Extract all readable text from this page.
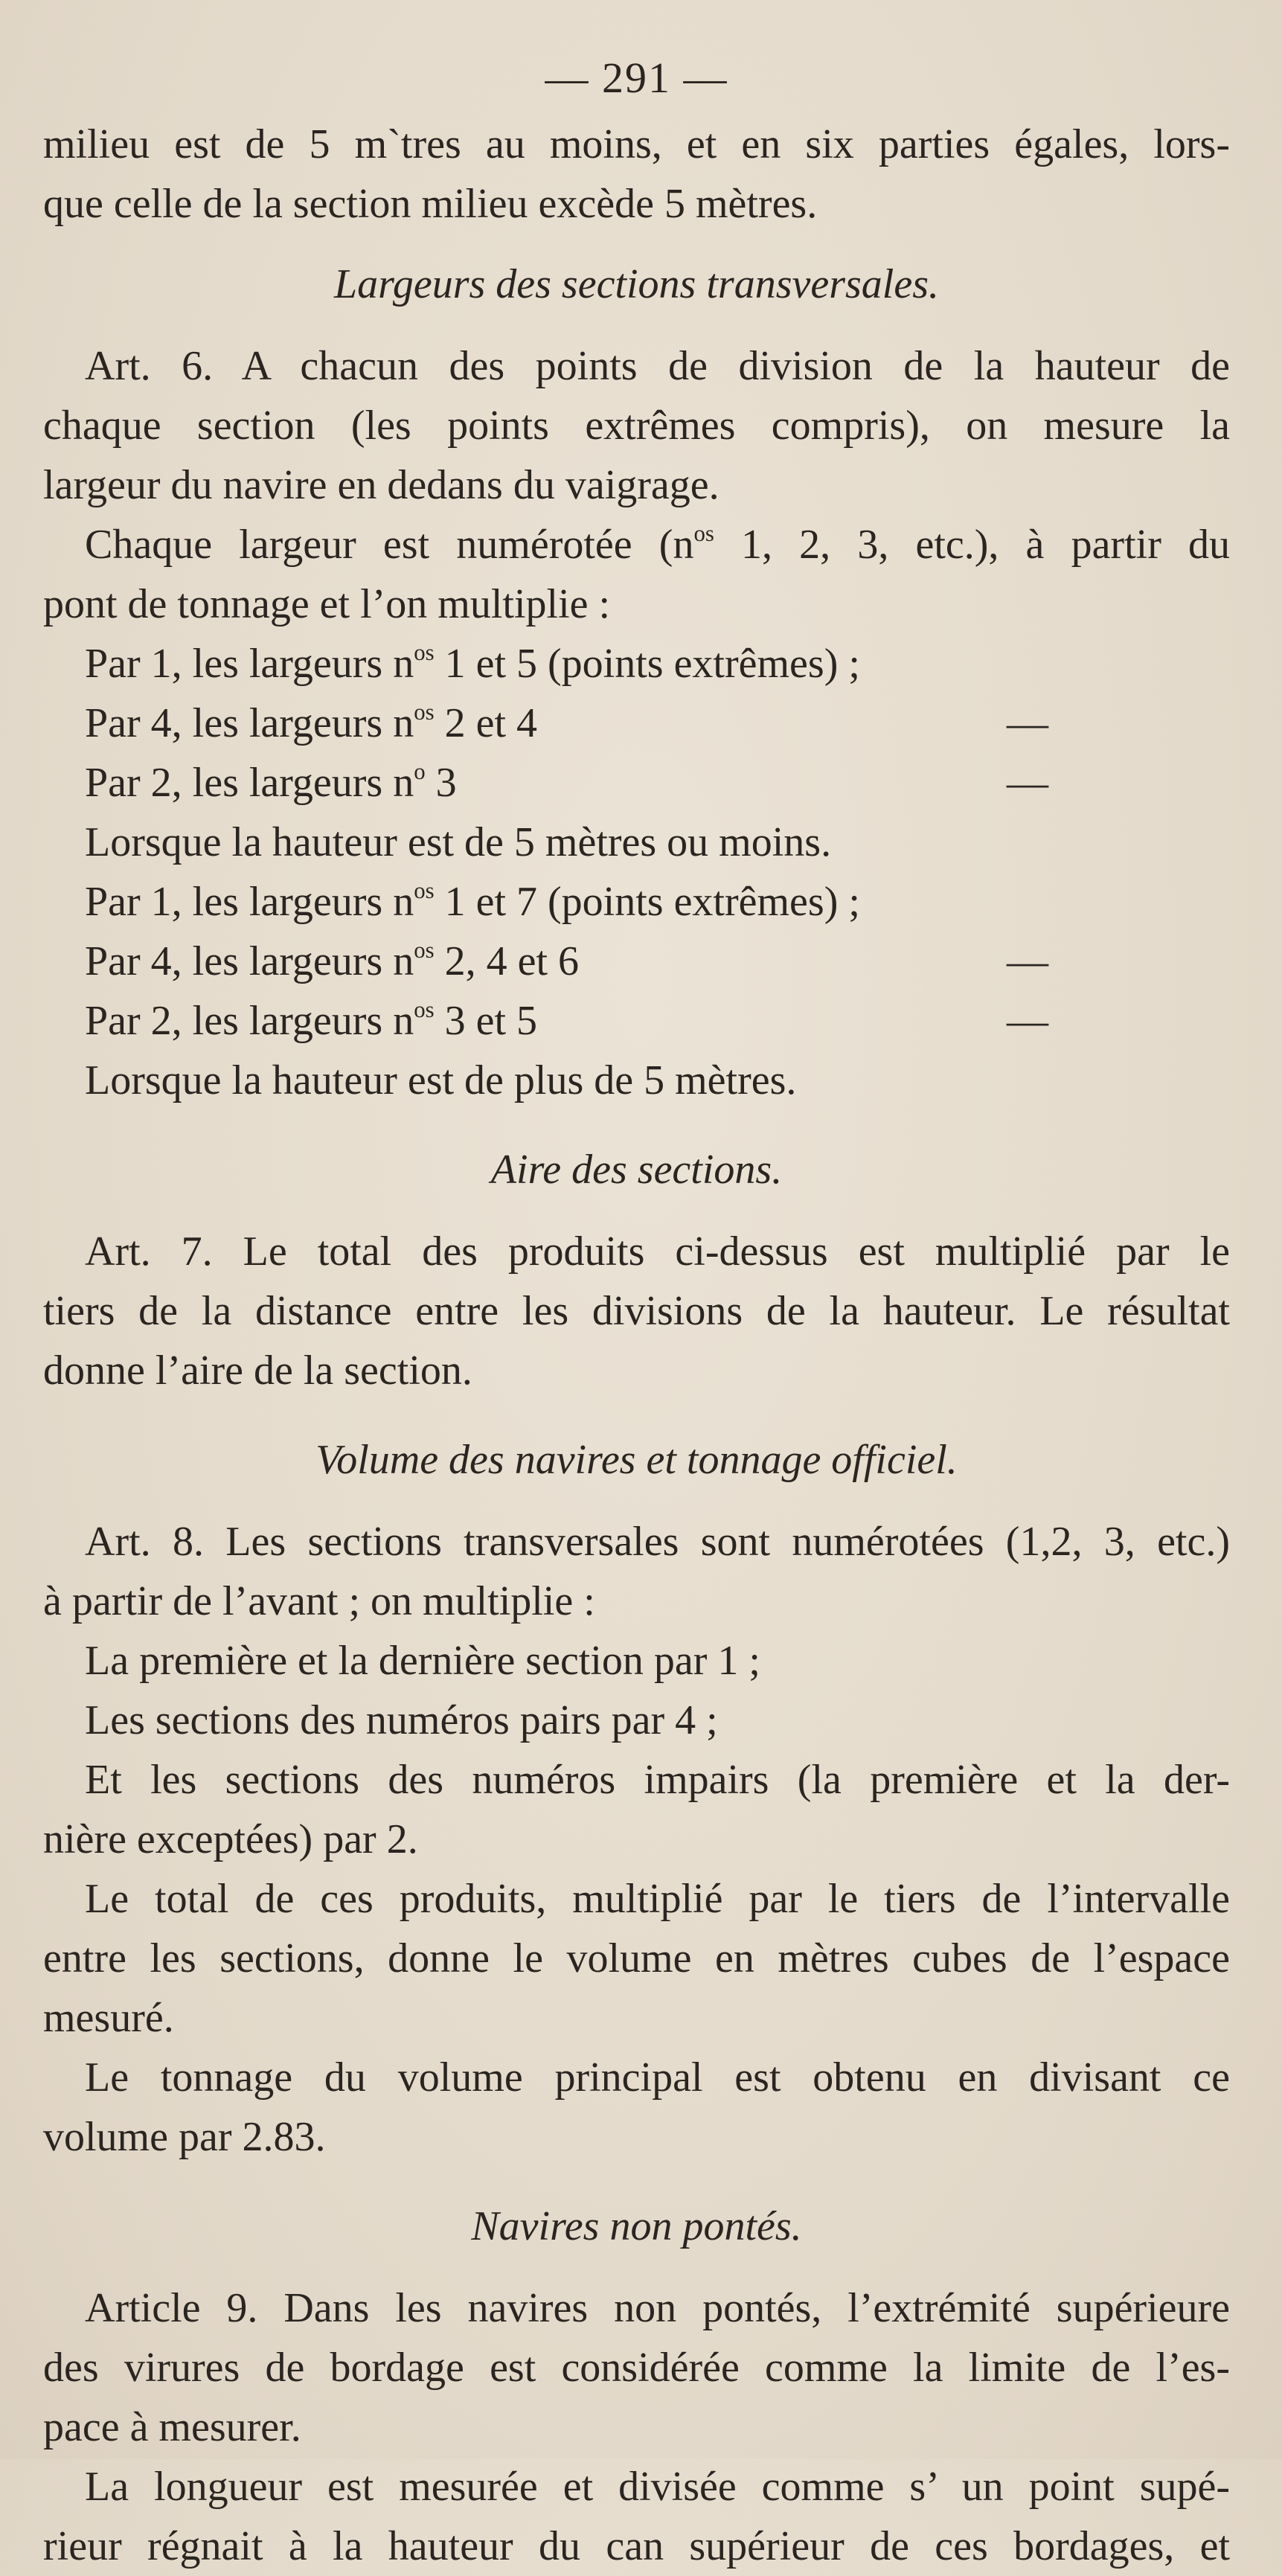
— 291 —
milieu est de 5 m`tres au moins, et en six parties égales, lors-
que celle de la section milieu excède 5 mètres.
Largeurs des sections transversales.
Art. 6. A chacun des points de division de la hauteur de
chaque section (les points extrêmes compris), on mesure la
largeur du navire en dedans du vaigrage.
Chaque largeur est numérotée ($n^{os}$ 1, 2, 3, etc.), à partir du
pont de tonnage et l’on multiplie :
Par 1, les largeurs $n^{os}$ 1 et 5 (points extrêmes) ;
Par 4, les largeurs $n^{os}$ 2 et 4	—
Par 2, les largeurs $n^o$ 3	—
Lorsque la hauteur est de 5 mètres ou moins.
Par 1, les largeurs $n^{os}$ 1 et 7 (points extrêmes) ;
Par 4, les largeurs $n^{os}$ 2, 4 et 6	—
Par 2, les largeurs $n^{os}$ 3 et 5	—
Lorsque la hauteur est de plus de 5 mètres.
Aire des sections.
Art. 7. Le total des produits ci-dessus est multiplié par le
tiers de la distance entre les divisions de la hauteur. Le résultat
donne l’aire de la section.
Volume des navires et tonnage officiel.
Art. 8. Les sections transversales sont numérotées (1,2, 3, etc.)
à partir de l’avant ; on multiplie :
La première et la dernière section par 1 ;
Les sections des numéros pairs par 4 ;
Et les sections des numéros impairs (la première et la der-
nière exceptées) par 2.
Le total de ces produits, multiplié par le tiers de l’intervalle
entre les sections, donne le volume en mètres cubes de l’espace
mesuré.
Le tonnage du volume principal est obtenu en divisant ce
volume par 2.83.
Navires non pontés.
Article 9. Dans les navires non pontés, l’extrémité supérieure
des virures de bordage est considérée comme la limite de l’es-
pace à mesurer.
La longueur est mesurée et divisée comme s’ un point supé-
rieur régnait à la hauteur du can supérieur de ces bordages, et
